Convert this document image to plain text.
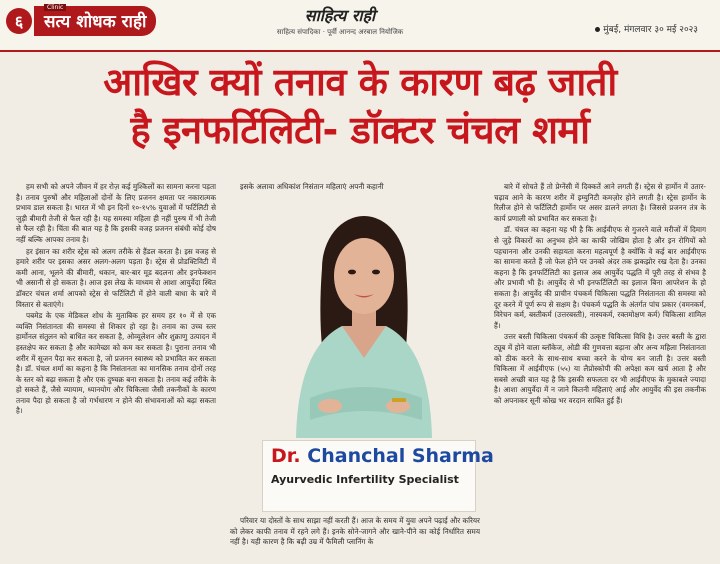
६	सत्य शोधक राही
Clinic	साहित्य राही
साहित्य संपादिका · पूर्वी आनन्द अरबाल नियोजिक	मुंबई, मंगलवार ३० मई २०२३
आखिर क्यों तनाव के कारण बढ़ जाती
है इनफर्टिलिटी- डॉक्टर चंचल शर्मा

हम सभी को अपने जीवन में हर रोज़ कई मुश्किलों का सामना करना पड़ता है। तनाव पुरुषों और महिलाओं दोनों के लिए प्रजनन क्षमता पर नकारात्मक प्रभाव डाल सकता है। भारत में भी इन दिनों १०-१५% युवाओं में फर्टिलिटी से जुड़ी बीमारी तेजी से फैल रही है। यह समस्या महिला ही नहीं पुरुष में भी तेजी से फैल रही है। चिंता की बात यह है कि इसकी वजह प्रजनन संबंधी कोई दोष नहीं बल्कि आपका तनाव है।

हर इंसान का शरीर स्ट्रेस को अलग तरीके से हैंडल करता है। इस वजह से हमारे शरीर पर इसका असर अलग-अलग पड़ता है। स्ट्रेस से प्रोडक्टिविटी में कमी आना, भूलने की बीमारी, थकान, बार-बार मूड बदलना और इनफेक्शन भी असानी से हो सकता है। आज इस लेख के माध्यम से आशा आयुर्वेदा स्थित डॉक्टर चंचल शर्मा आपको स्ट्रेस से फर्टिलिटी में होने वाली बाधा के बारे में विस्तार से बताएंगे।

पबमेड के एक मेडिकल शोध के मुताबिक हर समय हर १० में से एक व्यक्ति निसंतानता की समस्या से शिकार हो रहा है। तनाव का उच्च स्तर हार्मोनल संतुलन को बाधित कर सकता है, ओव्यूलेशन और शुक्राणु उत्पादन में हस्तक्षेप कर सकता है और कामेच्छा को कम कर सकता है। पुराना तनाव भी शरीर में सूजन पैदा कर सकता है, जो प्रजनन स्वास्थ्य को प्रभावित कर सकता है। डॉ. चंचल शर्मा का कहना है कि निसंतानता का मानसिक तनाव दोनों तरह के स्तर को बढ़ा सकता है और एक दुष्चक्र बना सकता है। तनाव कई तरीके के हो सकते हैं, जैसे व्यायाम, ध्यानयोग और चिकित्सा जैसी तकनीकों के कारण तनाव पैदा हो सकता है जो गर्भधारण न होने की संभावनाओं को बढ़ा सकता है।

इसके अलावा अधिकांश निसंतान महिलाएं अपनी कहानी

Dr. Chanchal Sharma
Ayurvedic Infertility Specialist

परिवार या दोस्तों के साथ साझा नहीं करती हैं। आज के समय में युवा अपने पढ़ाई और करियर को लेकर काफी तनाव में रहने लगे हैं। इनके सोने-जागने और खाने-पीने का कोई निर्धारित समय नहीं है। यही कारण है कि बढ़ी उम्र में फैमिली प्लानिंग के

बारे में सोचते हैं तो प्रेग्नेंसी में दिक्कतें आने लगती हैं। स्ट्रेस से हार्मोन में उतार-चढ़ाव आने के कारण शरीर में इम्युनिटी कमज़ोर होने लगती है। स्ट्रेस हार्मोन के रिलीज होने से फर्टिलिटी हार्मोन पर असर डालने लगता है। जिससे प्रजनन तंत्र के कार्य प्रणाली को प्रभावित कर सकता है।

डॉ. चंचल का कहना यह भी है कि आईवीएफ से गुजरने वाले मरीजों में दिमाग से जुड़े विकारों का अनुभव होने का काफी जोखिम होता है और इन रोगियों को पहचानना और उनकी सहायता करना महत्वपूर्ण है क्योंकि वे कई बार आईवीएफ का सामना करते हैं जो फेल होने पर उनको अंदर तक झकझोर रख देता है। उनका कहना है कि इनफर्टिलिटी का इलाज अब आयुर्वेद पद्धति में पूरी तरह से संभव है और प्रभावी भी है। आयुर्वेद से भी इनफर्टिलिटी का इलाज बिना आपरेशन के हो सकता है। आयुर्वेद की प्राचीन पंचकर्म चिकित्सा पद्धति निसंतानता की समस्या को दूर करने में पूर्ण रूप से सक्षम है। पंचकर्म पद्धति के अंतर्गत पांच प्रकार (वमनकर्म, विरेचन कर्म, बस्तीकर्म (उत्तरबस्ती), नास्यकर्म, रक्तमोक्षण कर्म) चिकित्सा शामिल हैं।

उत्तर बस्ती चिकित्सा पंचकर्म की उत्कृष्ट चिकित्सा विधि है। उत्तर बस्ती के द्वारा ट्यूब में होने वाला ब्लॉकेज, ओडी की गुणवत्ता बढ़ाना और अन्य महिला निसंतानता को ठीक करने के साथ-साथ बच्चा करने के योग्य बन जाती है। उत्तर बस्ती चिकित्सा में आईवीएफ (५५) या लैप्रोस्कोपी की अपेक्षा कम खर्च आता है और सबसे अच्छी बात यह है कि इसकी सफलता दर भी आईवीएफ के मुकाबले ज्यादा है। आशा आयुर्वेदा में न जाने कितनी महिलाएं आई और आयुर्वेद की इस तकनीक को अपनाकर सूनी कोख भर वरदान साबित हुई हैं।
